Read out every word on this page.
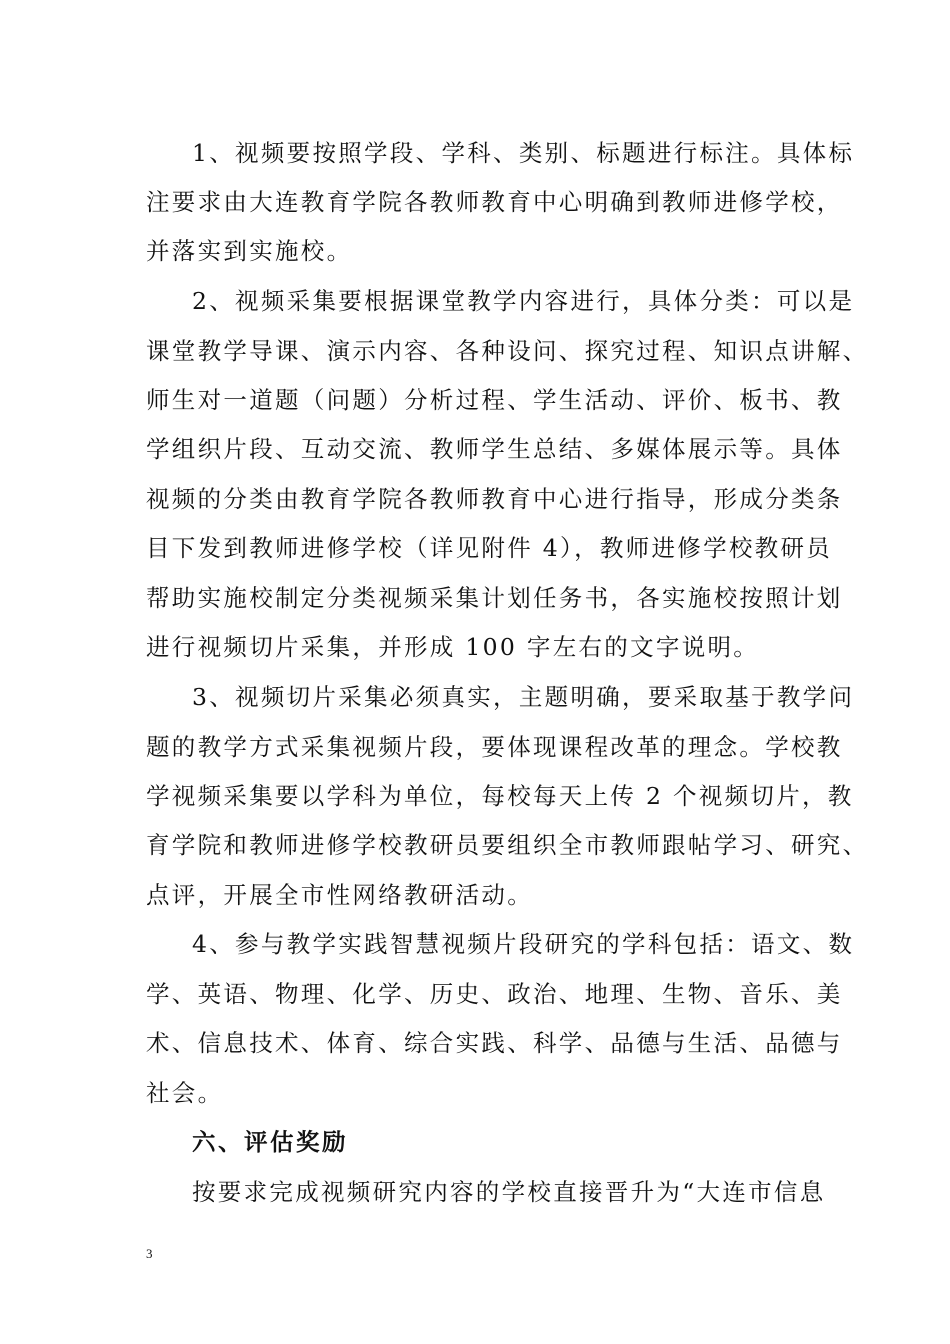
1、视频要按照学段、学科、类别、标题进行标注。具体标
注要求由大连教育学院各教师教育中心明确到教师进修学校，
并落实到实施校。
2、视频采集要根据课堂教学内容进行，具体分类：可以是
课堂教学导课、演示内容、各种设问、探究过程、知识点讲解、
师生对一道题（问题）分析过程、学生活动、评价、板书、教
学组织片段、互动交流、教师学生总结、多媒体展示等。具体
视频的分类由教育学院各教师教育中心进行指导，形成分类条
目下发到教师进修学校（详见附件 4），教师进修学校教研员
帮助实施校制定分类视频采集计划任务书，各实施校按照计划
进行视频切片采集，并形成 100 字左右的文字说明。
3、视频切片采集必须真实，主题明确，要采取基于教学问
题的教学方式采集视频片段，要体现课程改革的理念。学校教
学视频采集要以学科为单位，每校每天上传 2 个视频切片，教
育学院和教师进修学校教研员要组织全市教师跟帖学习、研究、
点评，开展全市性网络教研活动。
4、参与教学实践智慧视频片段研究的学科包括：语文、数
学、英语、物理、化学、历史、政治、地理、生物、音乐、美
术、信息技术、体育、综合实践、科学、品德与生活、品德与
社会。
六、评估奖励
按要求完成视频研究内容的学校直接晋升为“大连市信息
3
